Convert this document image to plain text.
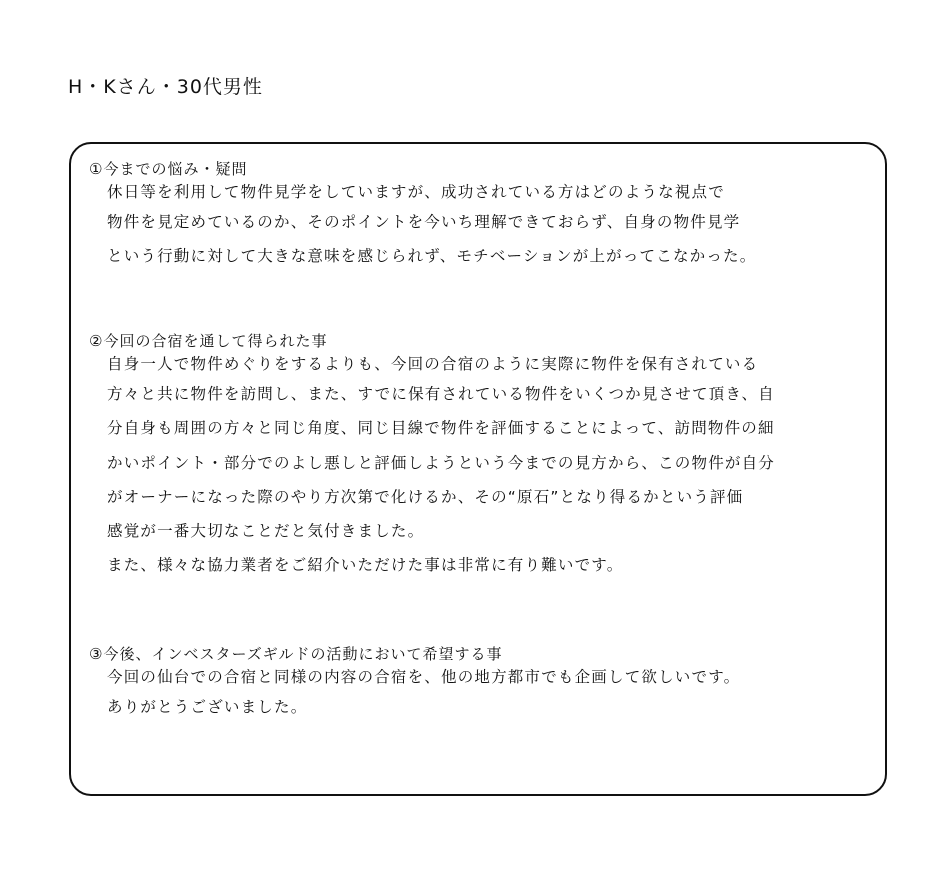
H・Kさん・30代男性
①今までの悩み・疑問
休日等を利用して物件見学をしていますが、成功されている方はどのような視点で
物件を見定めているのか、そのポイントを今いち理解できておらず、自身の物件見学
という行動に対して大きな意味を感じられず、モチベーションが上がってこなかった。
②今回の合宿を通して得られた事
自身一人で物件めぐりをするよりも、今回の合宿のように実際に物件を保有されている
方々と共に物件を訪問し、また、すでに保有されている物件をいくつか見させて頂き、自
分自身も周囲の方々と同じ角度、同じ目線で物件を評価することによって、訪問物件の細
かいポイント・部分でのよし悪しと評価しようという今までの見方から、この物件が自分
がオーナーになった際のやり方次第で化けるか、その“原石”となり得るかという評価
感覚が一番大切なことだと気付きました。
また、様々な協力業者をご紹介いただけた事は非常に有り難いです。
③今後、インベスターズギルドの活動において希望する事
今回の仙台での合宿と同様の内容の合宿を、他の地方都市でも企画して欲しいです。
ありがとうございました。
